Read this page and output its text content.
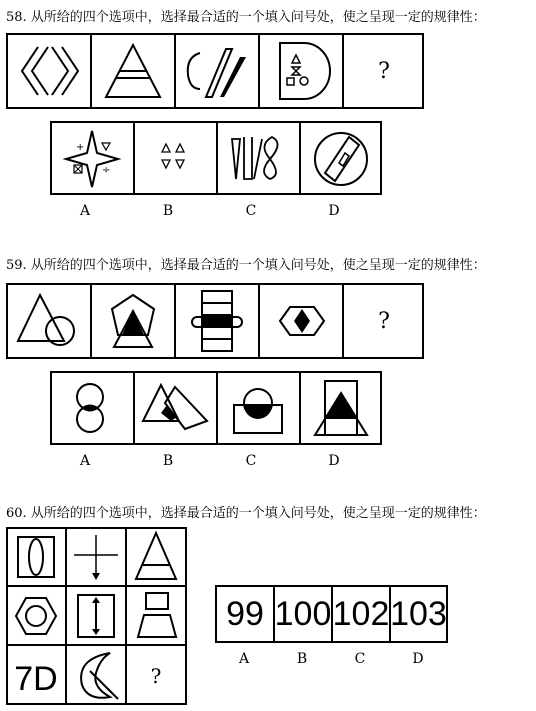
58. 从所给的四个选项中，选择最合适的一个填入问号处，使之呈现一定的规律性：
?
+
÷
A	B	C	D
59. 从所给的四个选项中，选择最合适的一个填入问号处，使之呈现一定的规律性：
?
A	B	C	D
60. 从所给的四个选项中，选择最合适的一个填入问号处，使之呈现一定的规律性：
7D	?
99 100 102 103
A	B	C	D
